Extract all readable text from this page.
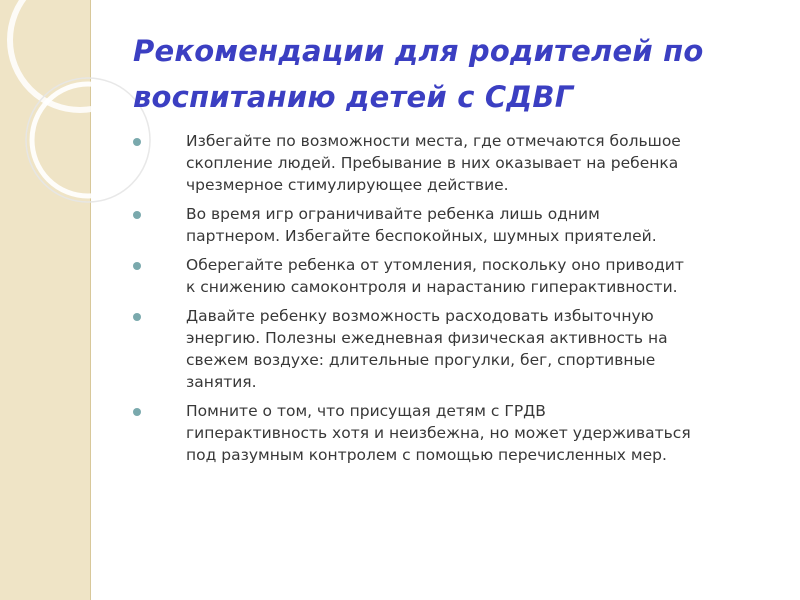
Рекомендации для родителей по
воспитанию детей с СДВГ
Избегайте по возможности места, где отмечаются большое
скопление людей. Пребывание в них оказывает на ребенка
чрезмерное стимулирующее действие.
Во время игр ограничивайте ребенка лишь одним
партнером. Избегайте беспокойных, шумных приятелей.
Оберегайте ребенка от утомления, поскольку оно приводит
к снижению самоконтроля и нарастанию гиперактивности.
Давайте ребенку возможность расходовать избыточную
энергию. Полезны ежедневная физическая активность на
свежем воздухе: длительные прогулки, бег, спортивные
занятия.
Помните о том, что присущая детям с ГРДВ
гиперактивность хотя и неизбежна, но может удерживаться
под разумным контролем с помощью перечисленных мер.
